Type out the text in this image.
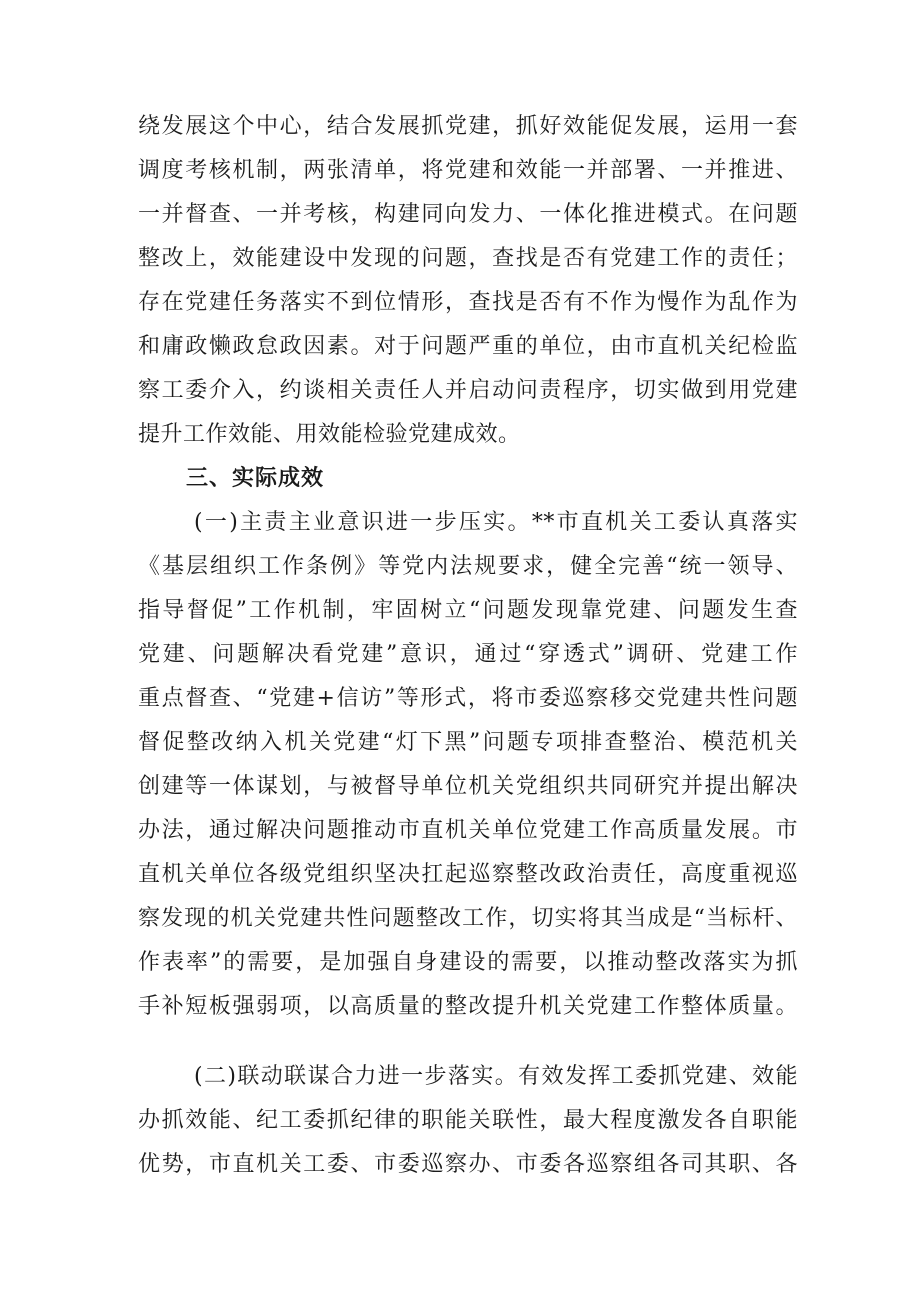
绕发展这个中心，结合发展抓党建，抓好效能促发展，运用一套
调度考核机制，两张清单，将党建和效能一并部署、一并推进、
一并督查、一并考核，构建同向发力、一体化推进模式。在问题
整改上，效能建设中发现的问题，查找是否有党建工作的责任；
存在党建任务落实不到位情形，查找是否有不作为慢作为乱作为
和庸政懒政怠政因素。对于问题严重的单位，由市直机关纪检监
察工委介入，约谈相关责任人并启动问责程序，切实做到用党建
提升工作效能、用效能检验党建成效。
三、实际成效
(一)主责主业意识进一步压实。**市直机关工委认真落实
《基层组织工作条例》等党内法规要求，健全完善“统一领导、
指导督促”工作机制，牢固树立“问题发现靠党建、问题发生查
党建、问题解决看党建”意识，通过“穿透式”调研、党建工作
重点督查、“党建+信访”等形式，将市委巡察移交党建共性问题
督促整改纳入机关党建“灯下黑”问题专项排查整治、模范机关
创建等一体谋划，与被督导单位机关党组织共同研究并提出解决
办法，通过解决问题推动市直机关单位党建工作高质量发展。市
直机关单位各级党组织坚决扛起巡察整改政治责任，高度重视巡
察发现的机关党建共性问题整改工作，切实将其当成是“当标杆、
作表率”的需要，是加强自身建设的需要，以推动整改落实为抓
手补短板强弱项，以高质量的整改提升机关党建工作整体质量。
(二)联动联谋合力进一步落实。有效发挥工委抓党建、效能
办抓效能、纪工委抓纪律的职能关联性，最大程度激发各自职能
优势，市直机关工委、市委巡察办、市委各巡察组各司其职、各
